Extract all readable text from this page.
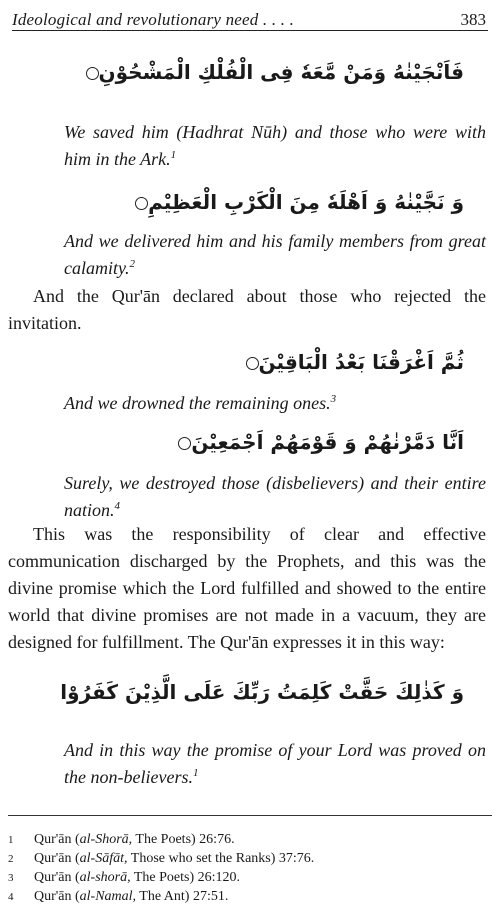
Ideological and revolutionary need . . . .	383
فَاَنْجَيْنٰهُ وَمَنْ مَّعَهٗ فِى الْفُلْكِ الْمَشْحُوْنِ
We saved him (Hadhrat Nūh) and those who were with him in the Ark.$^1$
وَ نَجَّيْنٰهُ وَ اَهْلَهٗ مِنَ الْكَرْبِ الْعَظِيْمِ
And we delivered him and his family members from great calamity.$^2$
And the Qur'ān declared about those who rejected the invitation.
ثُمَّ اَغْرَقْنَا بَعْدُ الْبَاقِيْنَ
And we drowned the remaining ones.$^3$
اَنَّا دَمَّرْنٰهُمْ وَ قَوْمَهُمْ اَجْمَعِيْنَ
Surely, we destroyed those (disbelievers) and their entire nation.$^4$
This was the responsibility of clear and effective communication discharged by the Prophets, and this was the divine promise which the Lord fulfilled and showed to the entire world that divine promises are not made in a vacuum, they are designed for fulfillment. The Qur'ān expresses it in this way:
وَ كَذٰلِكَ حَقَّتْ كَلِمَتُ رَبِّكَ عَلَى الَّذِيْنَ كَفَرُوْا
And in this way the promise of your Lord was proved on the non-believers.$^1$
1	Qur'ān (al-Shorā, The Poets) 26:76.
2	Qur'ān (al-Sāfāt, Those who set the Ranks) 37:76.
3	Qur'ān (al-shorā, The Poets) 26:120.
4	Qur'ān (al-Namal, The Ant) 27:51.
